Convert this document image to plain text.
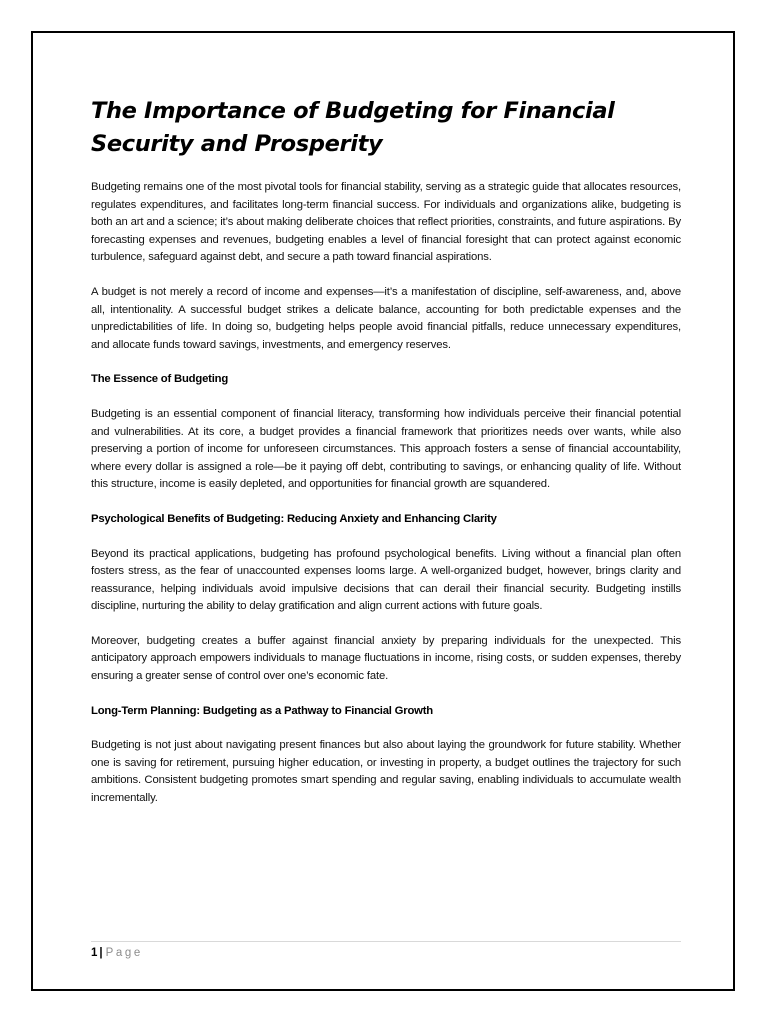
The Importance of Budgeting for Financial Security and Prosperity

Budgeting remains one of the most pivotal tools for financial stability, serving as a strategic guide that allocates resources, regulates expenditures, and facilitates long-term financial success. For individuals and organizations alike, budgeting is both an art and a science; it’s about making deliberate choices that reflect priorities, constraints, and future aspirations. By forecasting expenses and revenues, budgeting enables a level of financial foresight that can protect against economic turbulence, safeguard against debt, and secure a path toward financial aspirations.

A budget is not merely a record of income and expenses—it’s a manifestation of discipline, self-awareness, and, above all, intentionality. A successful budget strikes a delicate balance, accounting for both predictable expenses and the unpredictabilities of life. In doing so, budgeting helps people avoid financial pitfalls, reduce unnecessary expenditures, and allocate funds toward savings, investments, and emergency reserves.

The Essence of Budgeting

Budgeting is an essential component of financial literacy, transforming how individuals perceive their financial potential and vulnerabilities. At its core, a budget provides a financial framework that prioritizes needs over wants, while also preserving a portion of income for unforeseen circumstances. This approach fosters a sense of financial accountability, where every dollar is assigned a role—be it paying off debt, contributing to savings, or enhancing quality of life. Without this structure, income is easily depleted, and opportunities for financial growth are squandered.

Psychological Benefits of Budgeting: Reducing Anxiety and Enhancing Clarity

Beyond its practical applications, budgeting has profound psychological benefits. Living without a financial plan often fosters stress, as the fear of unaccounted expenses looms large. A well-organized budget, however, brings clarity and reassurance, helping individuals avoid impulsive decisions that can derail their financial security. Budgeting instills discipline, nurturing the ability to delay gratification and align current actions with future goals.

Moreover, budgeting creates a buffer against financial anxiety by preparing individuals for the unexpected. This anticipatory approach empowers individuals to manage fluctuations in income, rising costs, or sudden expenses, thereby ensuring a greater sense of control over one’s economic fate.

Long-Term Planning: Budgeting as a Pathway to Financial Growth

Budgeting is not just about navigating present finances but also about laying the groundwork for future stability. Whether one is saving for retirement, pursuing higher education, or investing in property, a budget outlines the trajectory for such ambitions. Consistent budgeting promotes smart spending and regular saving, enabling individuals to accumulate wealth incrementally.

1 | Page
